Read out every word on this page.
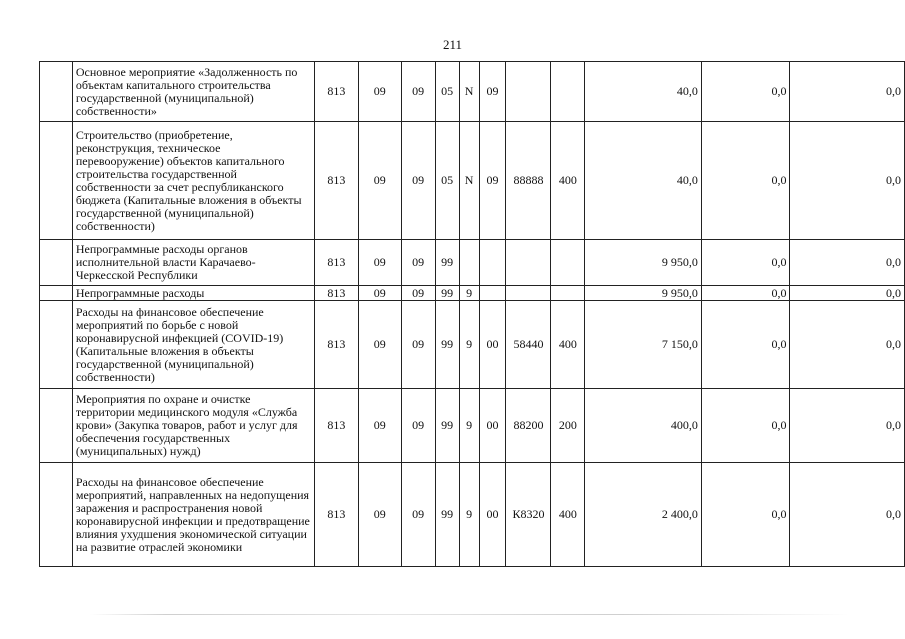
211
	Основное мероприятие «Задолженность по объектам капитального строительства государственной (муниципальной) собственности»	813	09	09	05	N	09			40,0	0,0	0,0
	Строительство (приобретение, реконструкция, техническое перевооружение) объектов капитального строительства государственной собственности за счет республиканского бюджета (Капитальные вложения в объекты государственной (муниципальной) собственности)	813	09	09	05	N	09	88888	400	40,0	0,0	0,0
	Непрограммные расходы органов исполнительной власти Карачаево-Черкесской Республики	813	09	09	99					9 950,0	0,0	0,0
	Непрограммные расходы	813	09	09	99	9				9 950,0	0,0	0,0
	Расходы на финансовое обеспечение мероприятий по борьбе с новой коронавирусной инфекцией (COVID-19) (Капитальные вложения в объекты государственной (муниципальной) собственности)	813	09	09	99	9	00	58440	400	7 150,0	0,0	0,0
	Мероприятия по охране и очистке территории медицинского модуля «Служба крови» (Закупка товаров, работ и услуг для обеспечения государственных (муниципальных) нужд)	813	09	09	99	9	00	88200	200	400,0	0,0	0,0
	Расходы на финансовое обеспечение мероприятий, направленных на недопущения заражения и распространения новой коронавирусной инфекции и предотвращение влияния ухудшения экономической ситуации на развитие отраслей экономики	813	09	09	99	9	00	К8320	400	2 400,0	0,0	0,0
